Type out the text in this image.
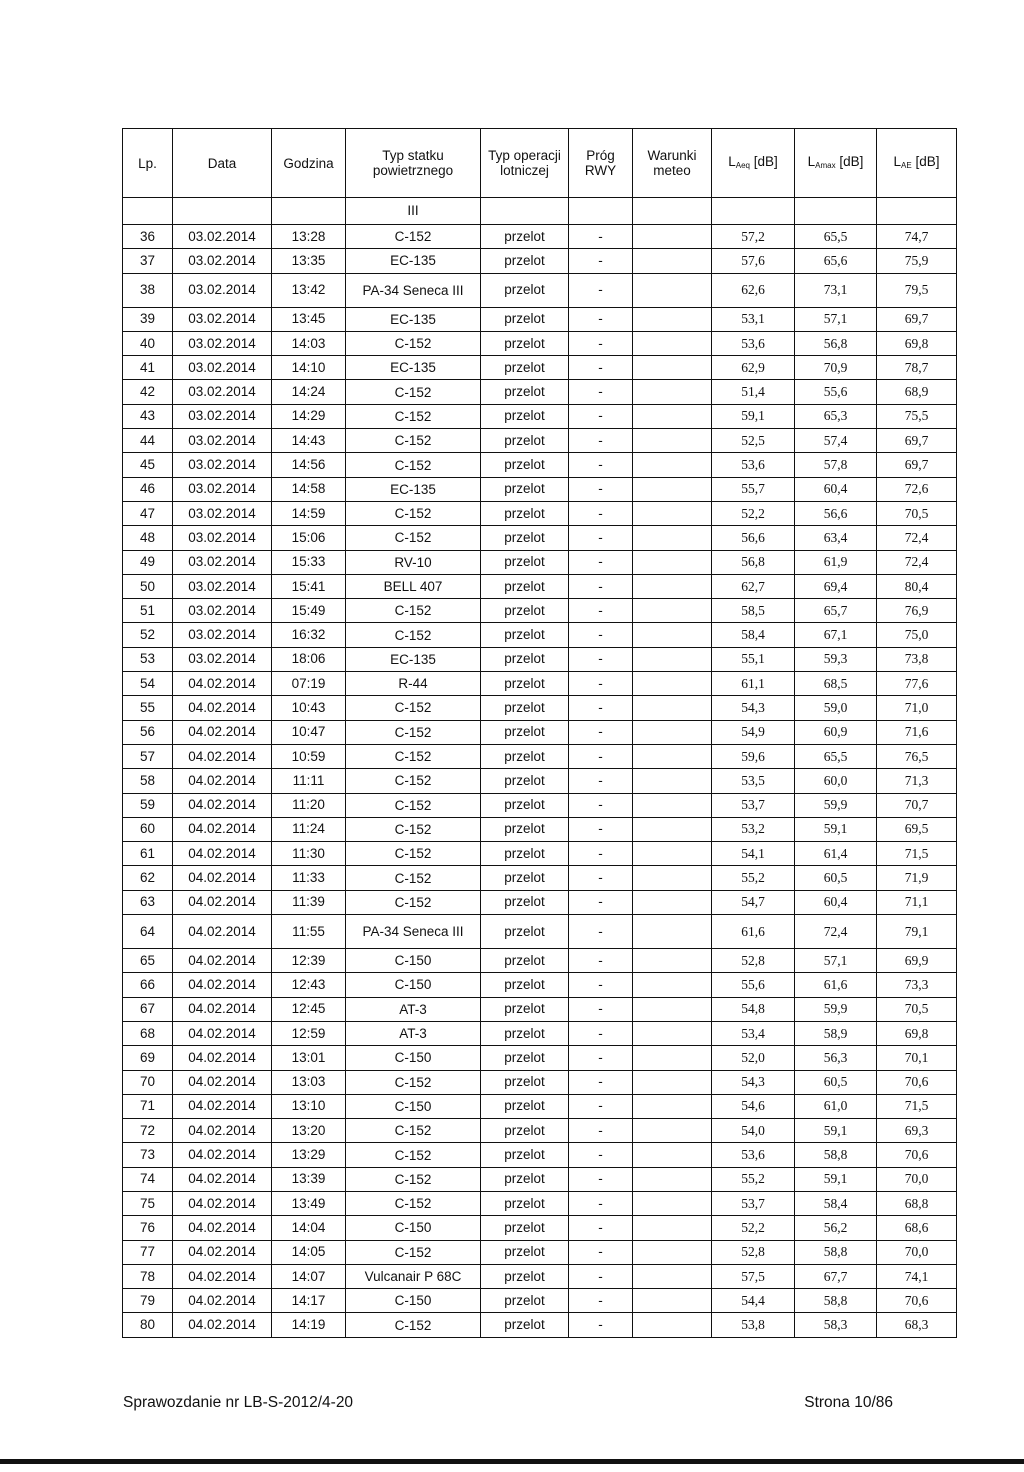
Lp.	Data	Godzina	Typ statku powietrznego	Typ operacji lotniczej	Próg RWY	Warunki meteo	$L_{Aeq}$ [dB]	$L_{Amax}$ [dB]	$L_{AE}$ [dB]
			III						
36	03.02.2014	13:28	C-152	przelot	-		57,2	65,5	74,7
37	03.02.2014	13:35	EC-135	przelot	-		57,6	65,6	75,9
38	03.02.2014	13:42	PA-34 Seneca III	przelot	-		62,6	73,1	79,5
39	03.02.2014	13:45	EC-135	przelot	-		53,1	57,1	69,7
40	03.02.2014	14:03	C-152	przelot	-		53,6	56,8	69,8
41	03.02.2014	14:10	EC-135	przelot	-		62,9	70,9	78,7
42	03.02.2014	14:24	C-152	przelot	-		51,4	55,6	68,9
43	03.02.2014	14:29	C-152	przelot	-		59,1	65,3	75,5
44	03.02.2014	14:43	C-152	przelot	-		52,5	57,4	69,7
45	03.02.2014	14:56	C-152	przelot	-		53,6	57,8	69,7
46	03.02.2014	14:58	EC-135	przelot	-		55,7	60,4	72,6
47	03.02.2014	14:59	C-152	przelot	-		52,2	56,6	70,5
48	03.02.2014	15:06	C-152	przelot	-		56,6	63,4	72,4
49	03.02.2014	15:33	RV-10	przelot	-		56,8	61,9	72,4
50	03.02.2014	15:41	BELL 407	przelot	-		62,7	69,4	80,4
51	03.02.2014	15:49	C-152	przelot	-		58,5	65,7	76,9
52	03.02.2014	16:32	C-152	przelot	-		58,4	67,1	75,0
53	03.02.2014	18:06	EC-135	przelot	-		55,1	59,3	73,8
54	04.02.2014	07:19	R-44	przelot	-		61,1	68,5	77,6
55	04.02.2014	10:43	C-152	przelot	-		54,3	59,0	71,0
56	04.02.2014	10:47	C-152	przelot	-		54,9	60,9	71,6
57	04.02.2014	10:59	C-152	przelot	-		59,6	65,5	76,5
58	04.02.2014	11:11	C-152	przelot	-		53,5	60,0	71,3
59	04.02.2014	11:20	C-152	przelot	-		53,7	59,9	70,7
60	04.02.2014	11:24	C-152	przelot	-		53,2	59,1	69,5
61	04.02.2014	11:30	C-152	przelot	-		54,1	61,4	71,5
62	04.02.2014	11:33	C-152	przelot	-		55,2	60,5	71,9
63	04.02.2014	11:39	C-152	przelot	-		54,7	60,4	71,1
64	04.02.2014	11:55	PA-34 Seneca III	przelot	-		61,6	72,4	79,1
65	04.02.2014	12:39	C-150	przelot	-		52,8	57,1	69,9
66	04.02.2014	12:43	C-150	przelot	-		55,6	61,6	73,3
67	04.02.2014	12:45	AT-3	przelot	-		54,8	59,9	70,5
68	04.02.2014	12:59	AT-3	przelot	-		53,4	58,9	69,8
69	04.02.2014	13:01	C-150	przelot	-		52,0	56,3	70,1
70	04.02.2014	13:03	C-152	przelot	-		54,3	60,5	70,6
71	04.02.2014	13:10	C-150	przelot	-		54,6	61,0	71,5
72	04.02.2014	13:20	C-152	przelot	-		54,0	59,1	69,3
73	04.02.2014	13:29	C-152	przelot	-		53,6	58,8	70,6
74	04.02.2014	13:39	C-152	przelot	-		55,2	59,1	70,0
75	04.02.2014	13:49	C-152	przelot	-		53,7	58,4	68,8
76	04.02.2014	14:04	C-150	przelot	-		52,2	56,2	68,6
77	04.02.2014	14:05	C-152	przelot	-		52,8	58,8	70,0
78	04.02.2014	14:07	Vulcanair P 68C	przelot	-		57,5	67,7	74,1
79	04.02.2014	14:17	C-150	przelot	-		54,4	58,8	70,6
80	04.02.2014	14:19	C-152	przelot	-		53,8	58,3	68,3
Sprawozdanie nr LB-S-2012/4-20	Strona 10/86
